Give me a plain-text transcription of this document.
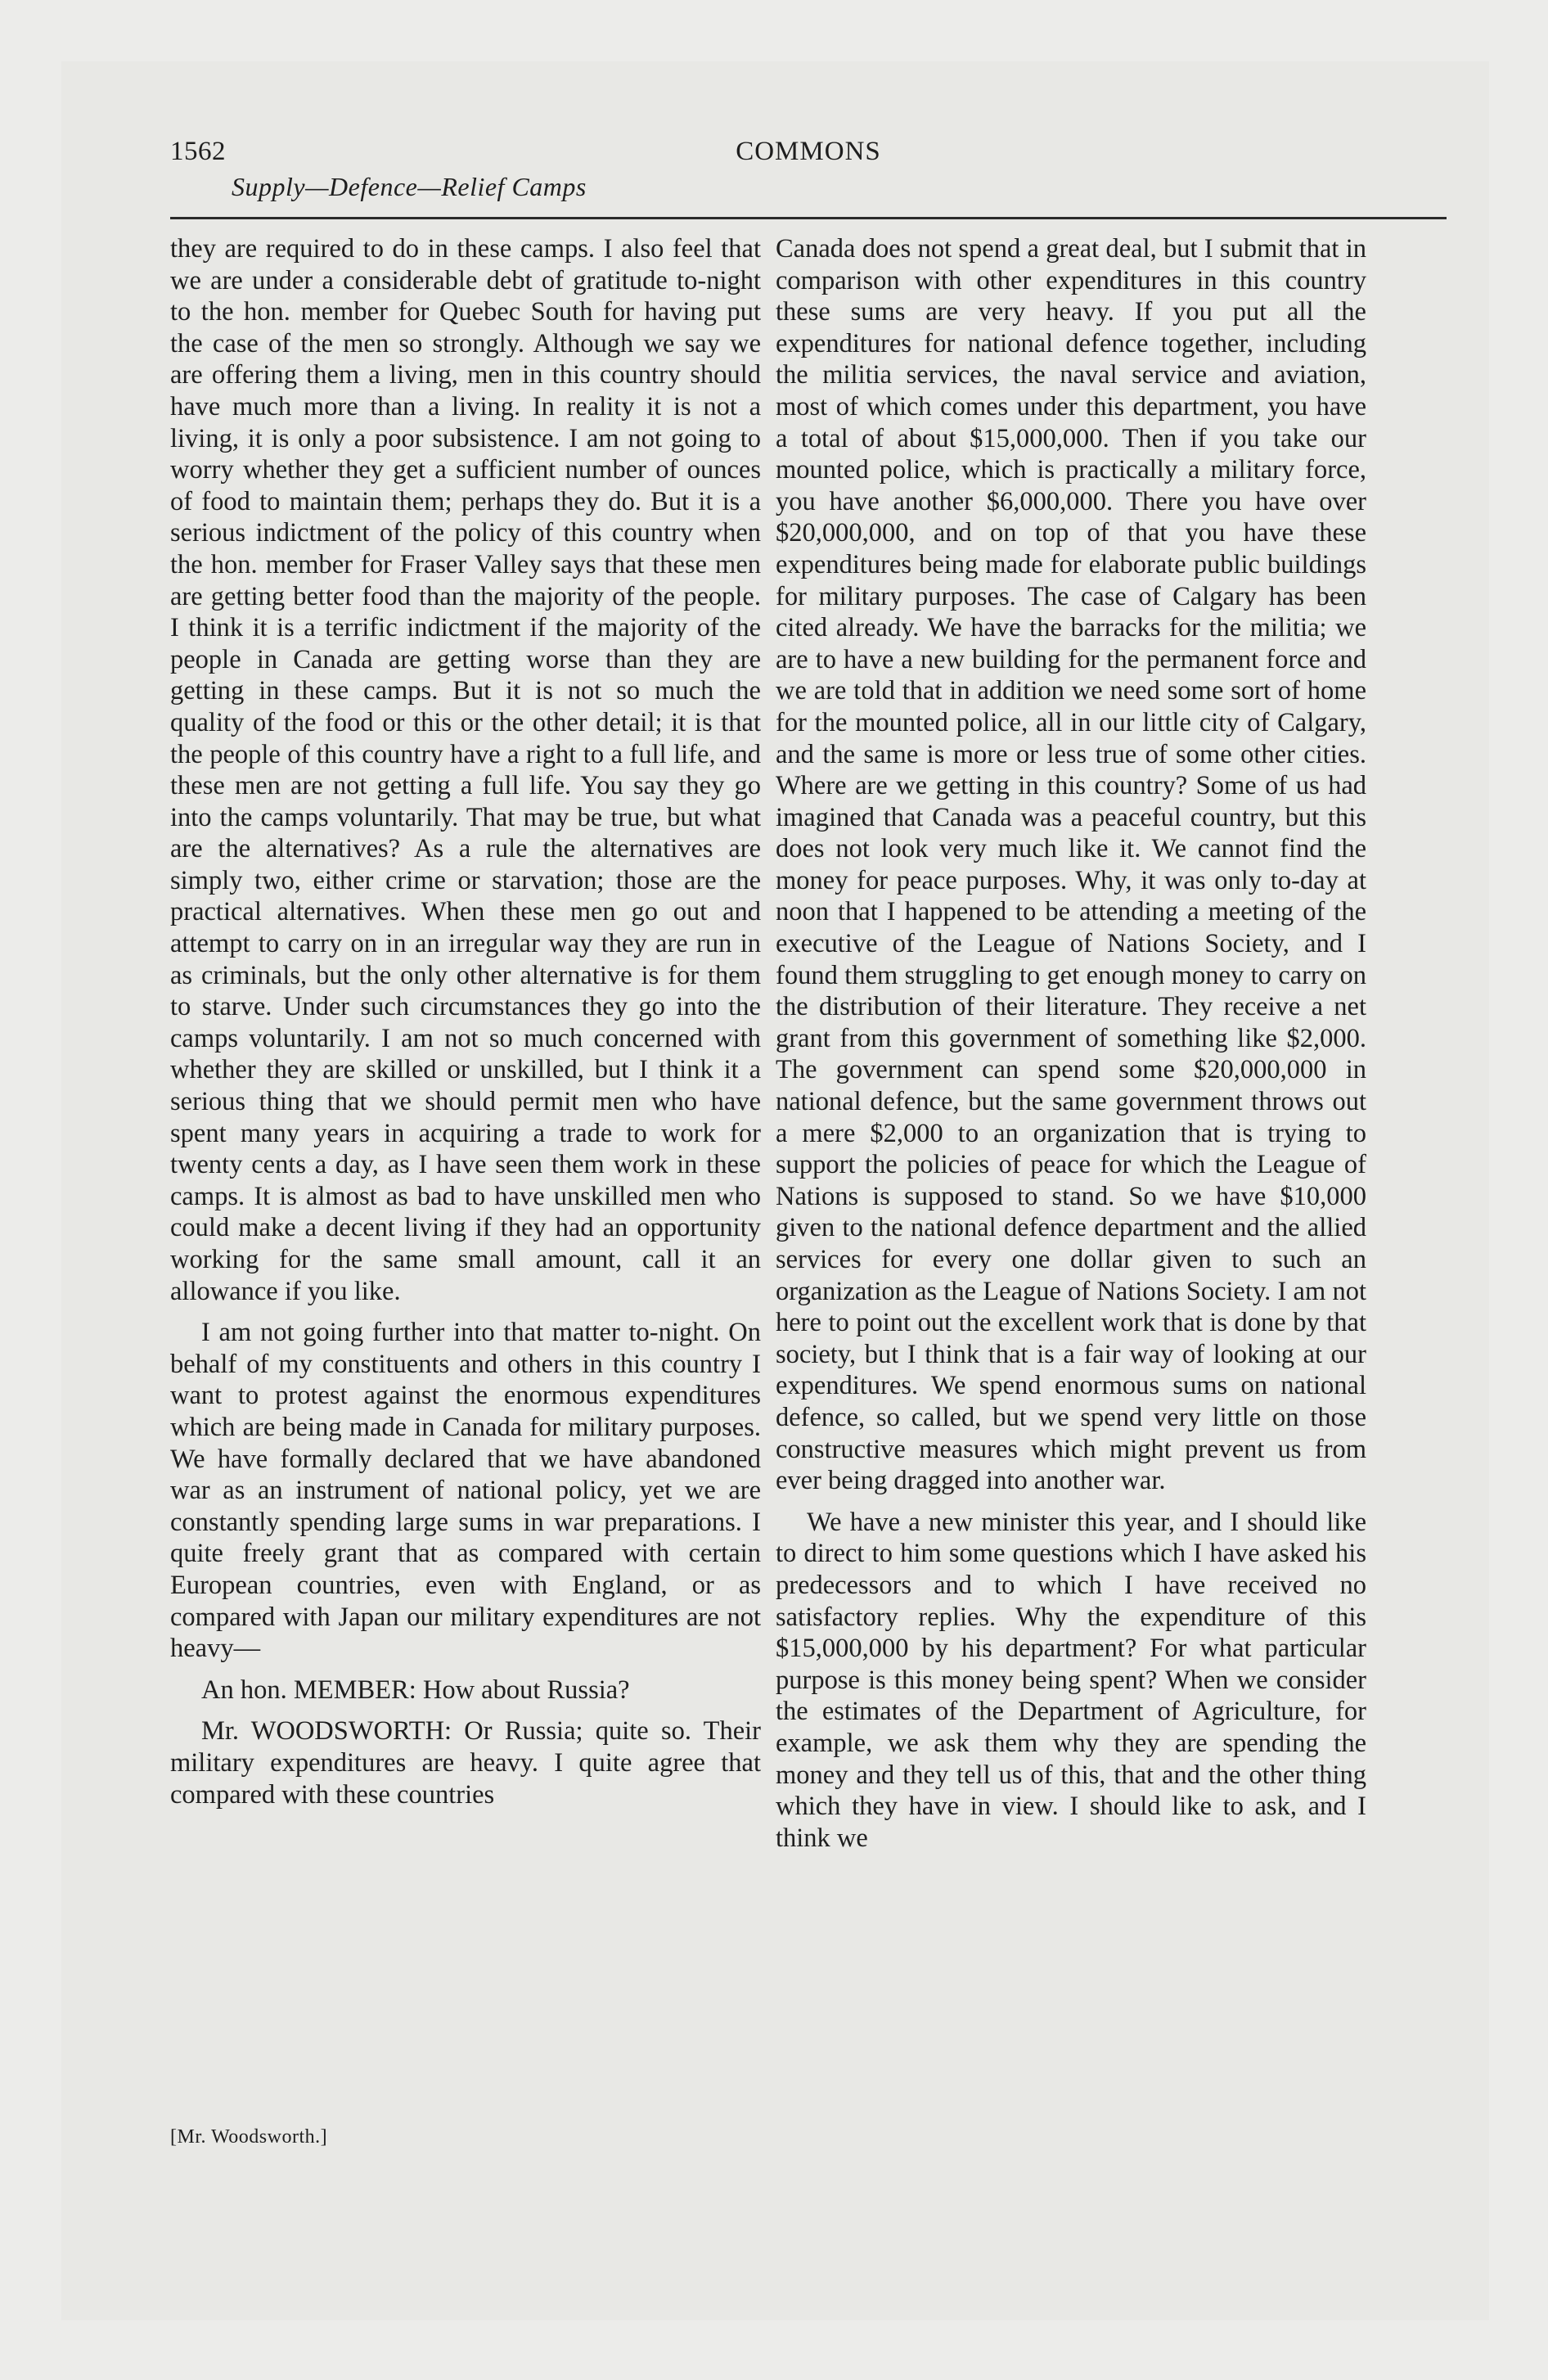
1562	COMMONS
Supply—Defence—Relief Camps

they are required to do in these camps. I also feel that we are under a considerable debt of gratitude to-night to the hon. member for Quebec South for having put the case of the men so strongly. Although we say we are offering them a living, men in this country should have much more than a living. In reality it is not a living, it is only a poor subsistence. I am not going to worry whether they get a sufficient number of ounces of food to maintain them; perhaps they do. But it is a serious indictment of the policy of this country when the hon. member for Fraser Valley says that these men are getting better food than the majority of the people. I think it is a terrific indictment if the majority of the people in Canada are getting worse than they are getting in these camps. But it is not so much the quality of the food or this or the other detail; it is that the people of this country have a right to a full life, and these men are not getting a full life. You say they go into the camps voluntarily. That may be true, but what are the alternatives? As a rule the alternatives are simply two, either crime or starvation; those are the practical alternatives. When these men go out and attempt to carry on in an irregular way they are run in as criminals, but the only other alternative is for them to starve. Under such circumstances they go into the camps voluntarily. I am not so much concerned with whether they are skilled or unskilled, but I think it a serious thing that we should permit men who have spent many years in acquiring a trade to work for twenty cents a day, as I have seen them work in these camps. It is almost as bad to have unskilled men who could make a decent living if they had an opportunity working for the same small amount, call it an allowance if you like.

I am not going further into that matter to-night. On behalf of my constituents and others in this country I want to protest against the enormous expenditures which are being made in Canada for military purposes. We have formally declared that we have abandoned war as an instrument of national policy, yet we are constantly spending large sums in war preparations. I quite freely grant that as compared with certain European countries, even with England, or as compared with Japan our military expenditures are not heavy—

An hon. MEMBER: How about Russia?

Mr. WOODSWORTH: Or Russia; quite so. Their military expenditures are heavy. I quite agree that compared with these countries

Canada does not spend a great deal, but I submit that in comparison with other expenditures in this country these sums are very heavy. If you put all the expenditures for national defence together, including the militia services, the naval service and aviation, most of which comes under this department, you have a total of about $15,000,000. Then if you take our mounted police, which is practically a military force, you have another $6,000,000. There you have over $20,000,000, and on top of that you have these expenditures being made for elaborate public buildings for military purposes. The case of Calgary has been cited already. We have the barracks for the militia; we are to have a new building for the permanent force and we are told that in addition we need some sort of home for the mounted police, all in our little city of Calgary, and the same is more or less true of some other cities. Where are we getting in this country? Some of us had imagined that Canada was a peaceful country, but this does not look very much like it. We cannot find the money for peace purposes. Why, it was only to-day at noon that I happened to be attending a meeting of the executive of the League of Nations Society, and I found them struggling to get enough money to carry on the distribution of their literature. They receive a net grant from this government of something like $2,000. The government can spend some $20,000,000 in national defence, but the same government throws out a mere $2,000 to an organization that is trying to support the policies of peace for which the League of Nations is supposed to stand. So we have $10,000 given to the national defence department and the allied services for every one dollar given to such an organization as the League of Nations Society. I am not here to point out the excellent work that is done by that society, but I think that is a fair way of looking at our expenditures. We spend enormous sums on national defence, so called, but we spend very little on those constructive measures which might prevent us from ever being dragged into another war.

We have a new minister this year, and I should like to direct to him some questions which I have asked his predecessors and to which I have received no satisfactory replies. Why the expenditure of this $15,000,000 by his department? For what particular purpose is this money being spent? When we consider the estimates of the Department of Agriculture, for example, we ask them why they are spending the money and they tell us of this, that and the other thing which they have in view. I should like to ask, and I think we

[Mr. Woodsworth.]
